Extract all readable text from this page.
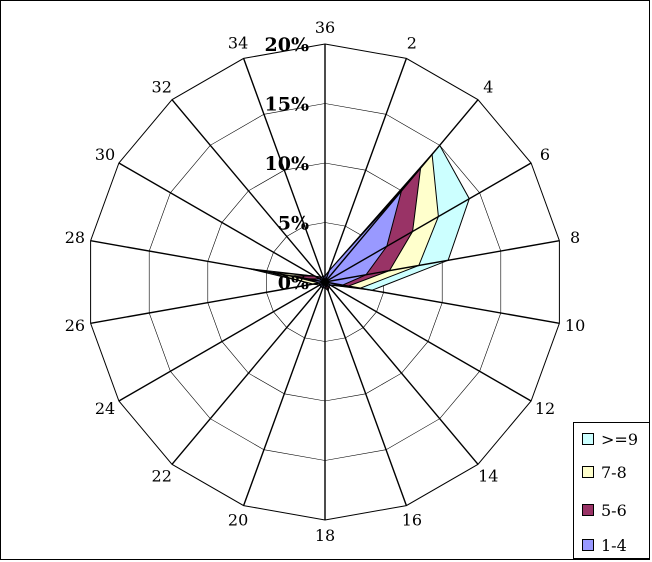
36
2
4
6
8
10
12
14
16
18
20
22
24
26
28
30
32
34
0%
5%
10%
15%
20%
>=9
7-8
5-6
1-4
